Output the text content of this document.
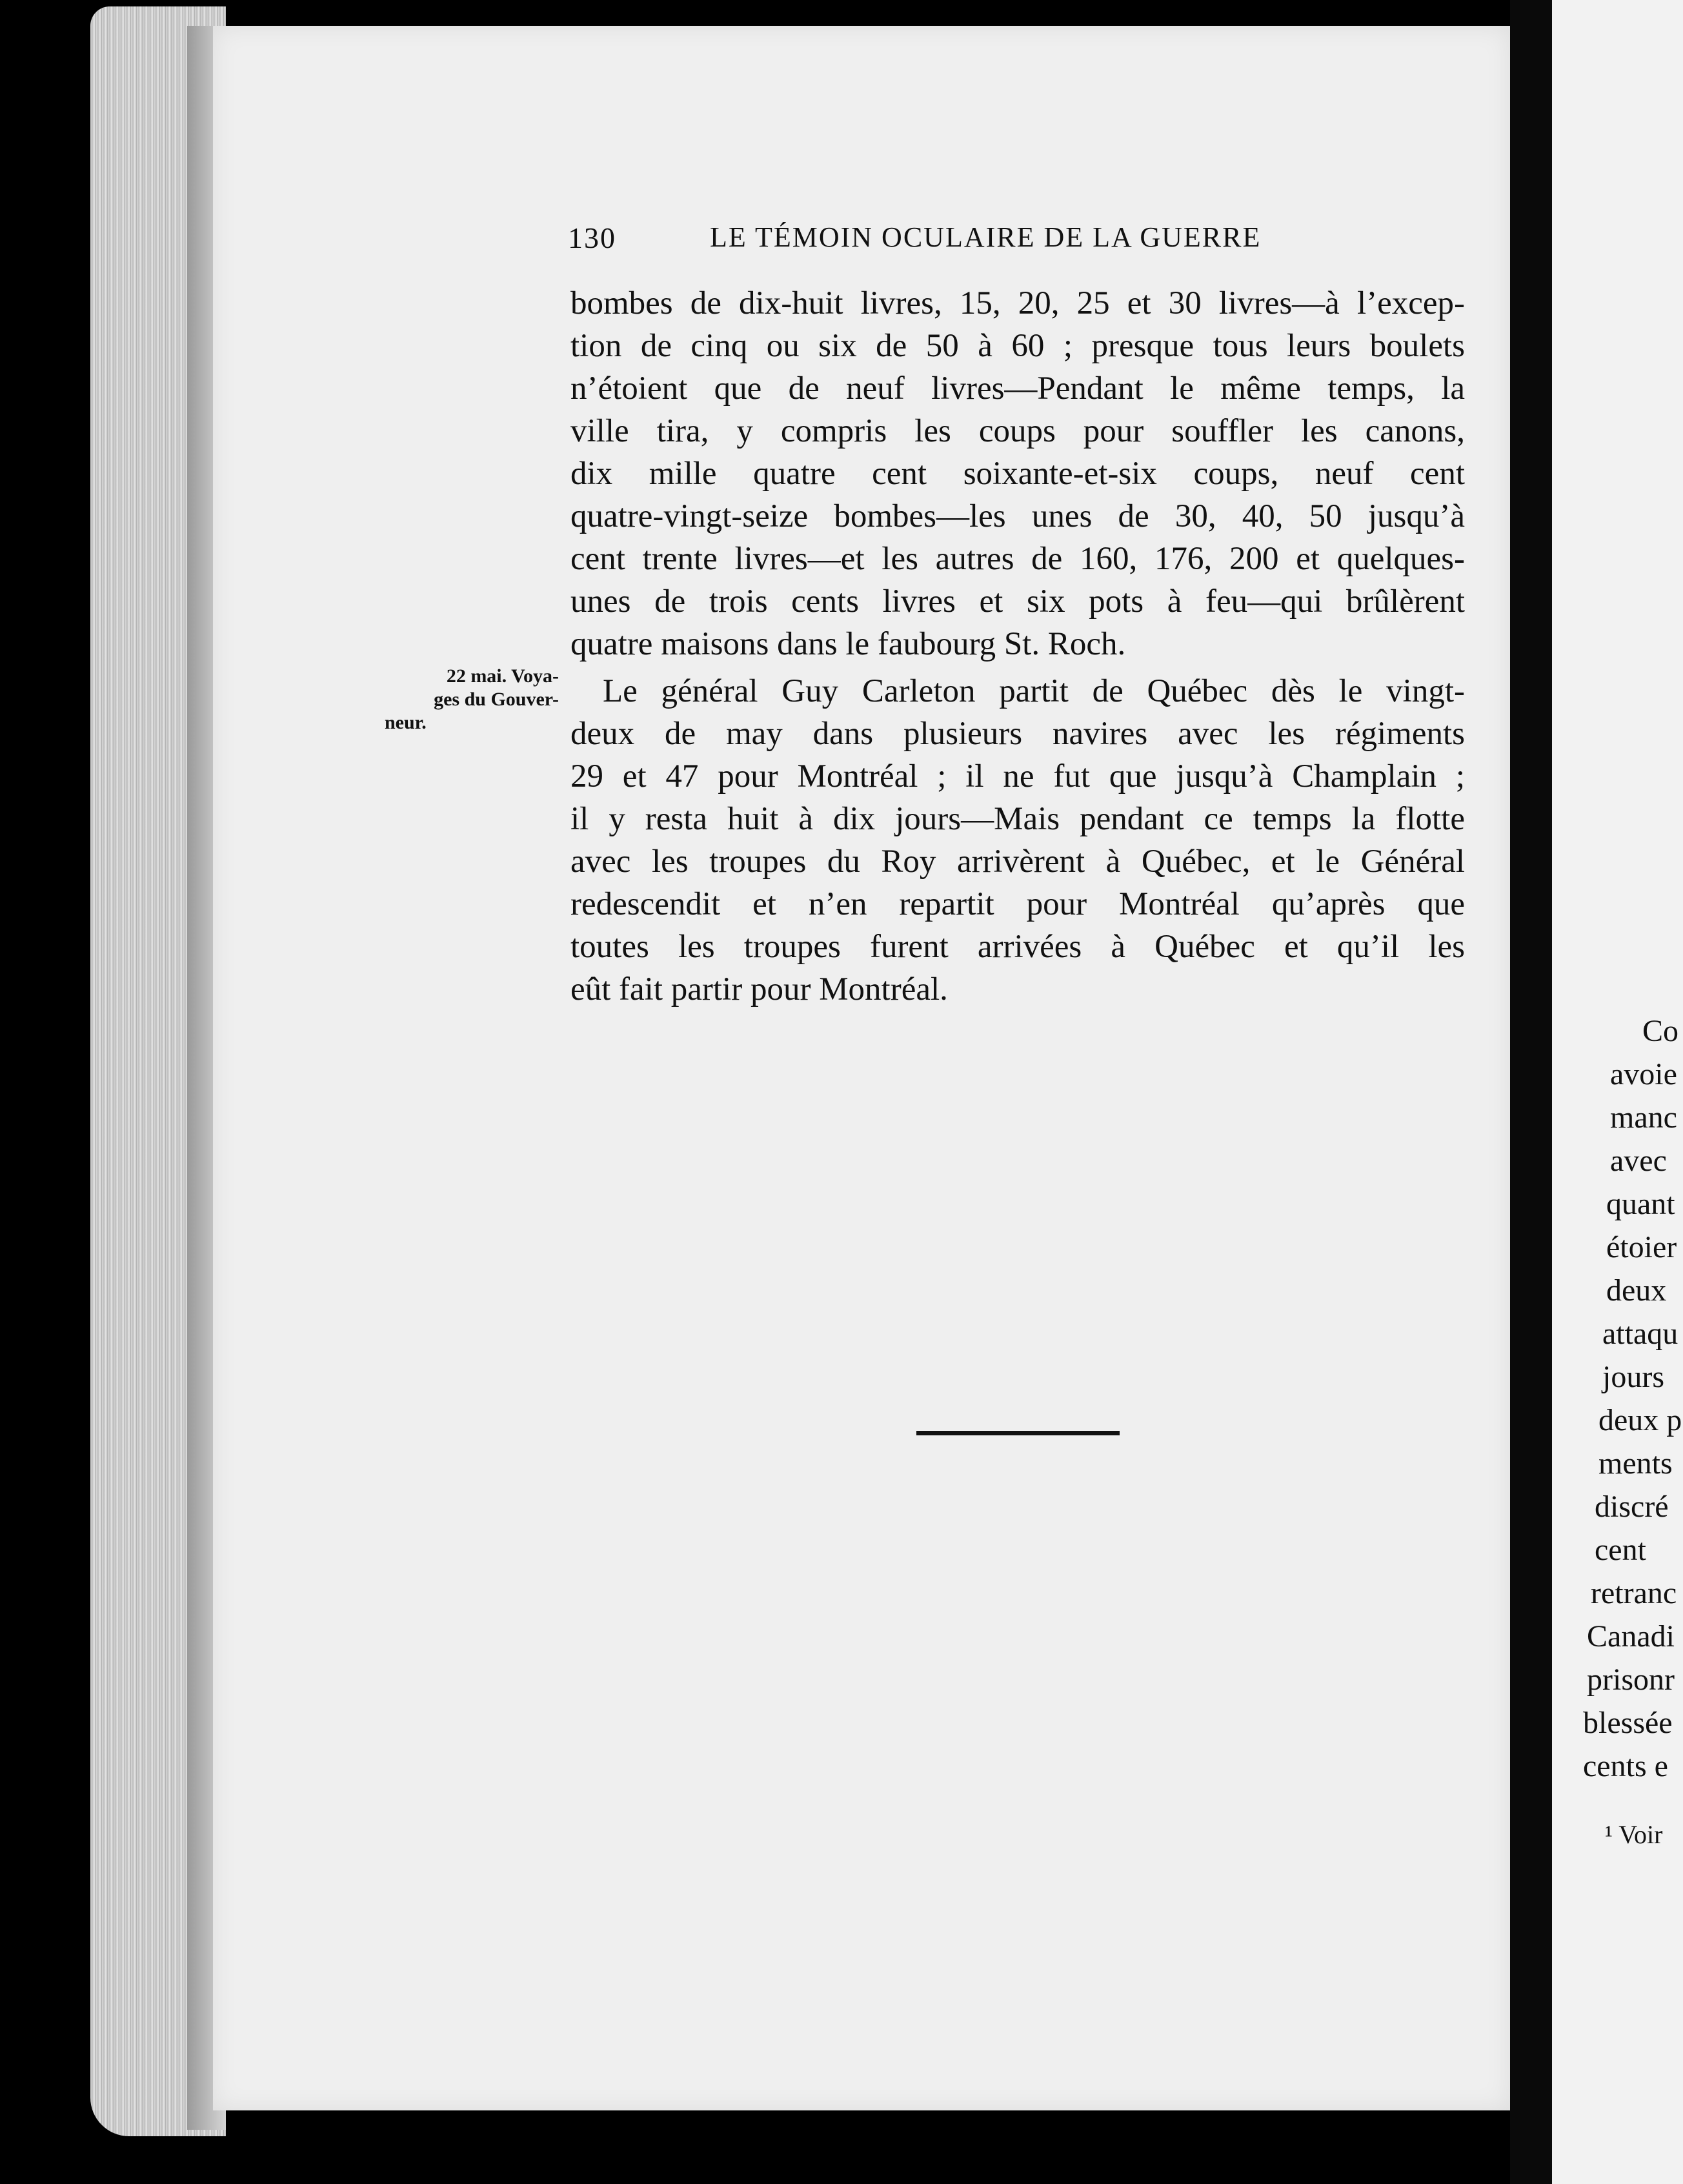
130	LE TÉMOIN OCULAIRE DE LA GUERRE
bombes de dix-huit livres, 15, 20, 25 et 30 livres—à l’excep-
tion de cinq ou six de 50 à 60 ; presque tous leurs boulets
n’étoient que de neuf livres—Pendant le même temps, la
ville tira, y compris les coups pour souffler les canons,
dix mille quatre cent soixante-et-six coups, neuf cent
quatre-vingt-seize bombes—les unes de 30, 40, 50 jusqu’à
cent trente livres—et les autres de 160, 176, 200 et quelques-
unes de trois cents livres et six pots à feu—qui brûlèrent
quatre maisons dans le faubourg St. Roch.
Le général Guy Carleton partit de Québec dès le vingt-
deux de may dans plusieurs navires avec les régiments
29 et 47 pour Montréal ; il ne fut que jusqu’à Champlain ;
il y resta huit à dix jours—Mais pendant ce temps la flotte
avec les troupes du Roy arrivèrent à Québec, et le Général
redescendit et n’en repartit pour Montréal qu’après que
toutes les troupes furent arrivées à Québec et qu’il les
eût fait partir pour Montréal.
22 mai. Voya-
ges du Gouver-
neur.
Co
avoie
manc
avec
quant
étoier
deux
attaqu
jours
deux p
ments
discré
cent
retranc
Canadi
prisonr
blessée
cents e
¹ Voir
